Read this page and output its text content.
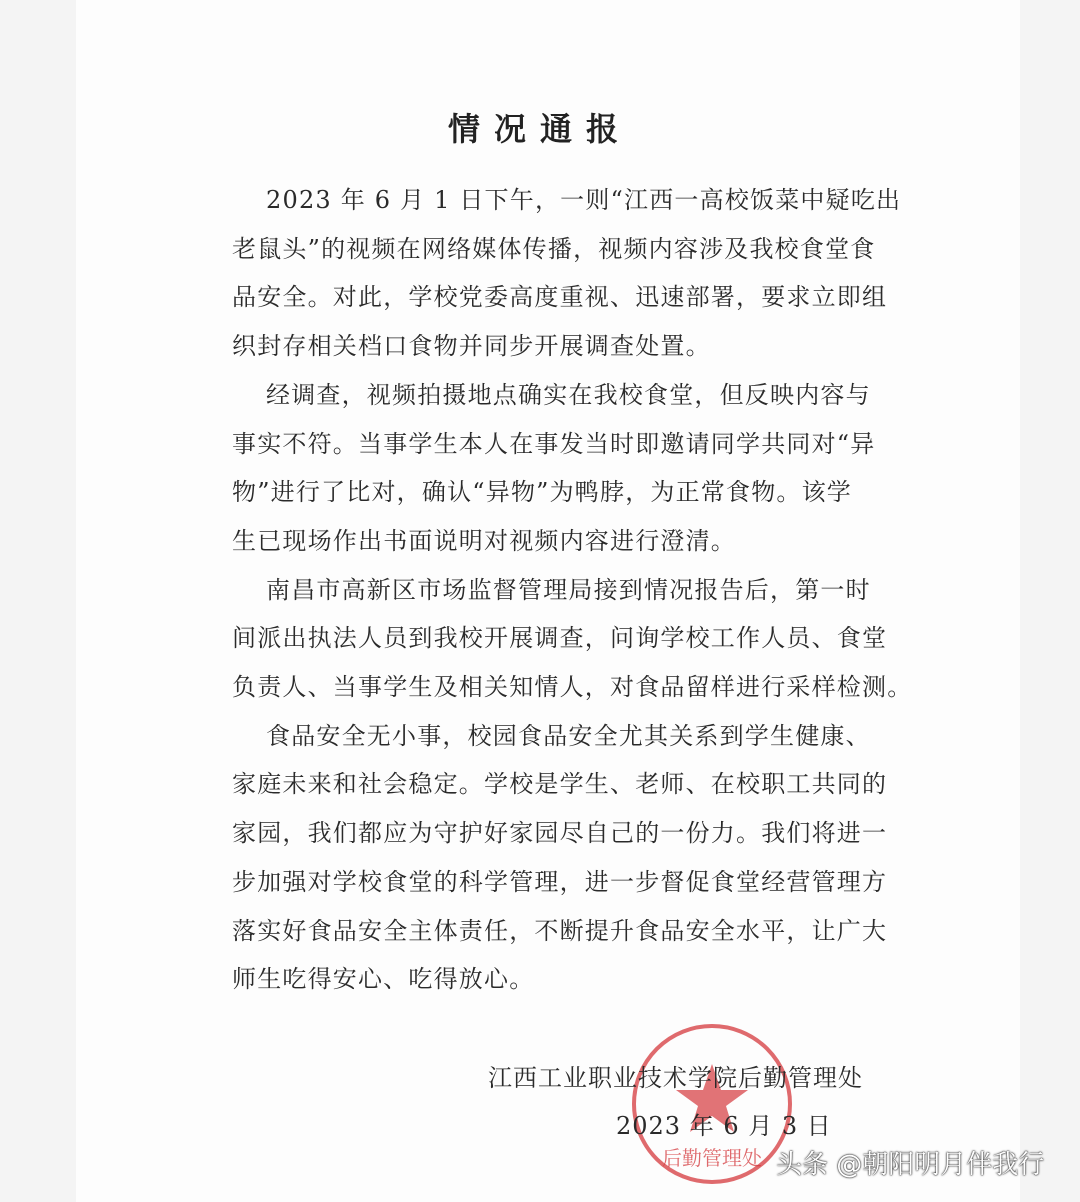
情况通报
2023 年 6 月 1 日下午，一则“江西一高校饭菜中疑吃出
老鼠头”的视频在网络媒体传播，视频内容涉及我校食堂食
品安全。对此，学校党委高度重视、迅速部署，要求立即组
织封存相关档口食物并同步开展调查处置。
经调查，视频拍摄地点确实在我校食堂，但反映内容与
事实不符。当事学生本人在事发当时即邀请同学共同对“异
物”进行了比对，确认“异物”为鸭脖，为正常食物。该学
生已现场作出书面说明对视频内容进行澄清。
南昌市高新区市场监督管理局接到情况报告后，第一时
间派出执法人员到我校开展调查，问询学校工作人员、食堂
负责人、当事学生及相关知情人，对食品留样进行采样检测。
食品安全无小事，校园食品安全尤其关系到学生健康、
家庭未来和社会稳定。学校是学生、老师、在校职工共同的
家园，我们都应为守护好家园尽自己的一份力。我们将进一
步加强对学校食堂的科学管理，进一步督促食堂经营管理方
落实好食品安全主体责任，不断提升食品安全水平，让广大
师生吃得安心、吃得放心。
后勤管理处
江西工业职业技术学院后勤管理处
2023 年 6 月 3 日
头条 @朝阳明月伴我行
